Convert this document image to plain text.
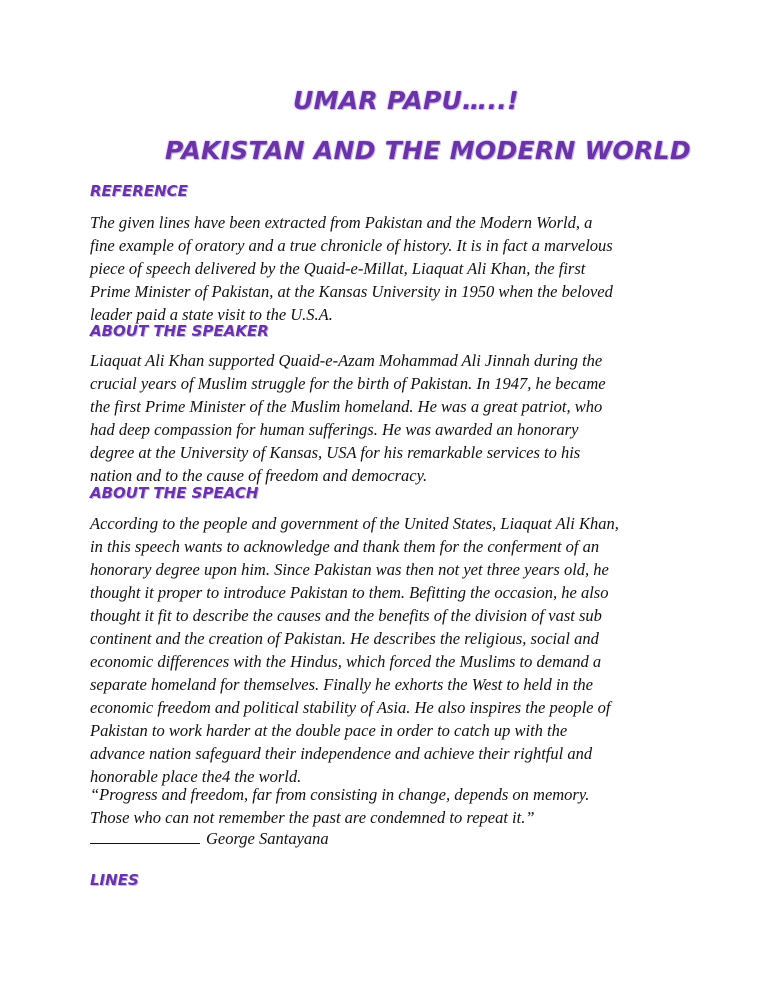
UMAR PAPU…..!
PAKISTAN AND THE MODERN WORLD
REFERENCE
The given lines have been extracted from Pakistan and the Modern World, a
fine example of oratory and a true chronicle of history. It is in fact a marvelous
piece of speech delivered by the Quaid-e-Millat, Liaquat Ali Khan, the first
Prime Minister of Pakistan, at the Kansas University in 1950 when the beloved
leader paid a state visit to the U.S.A.
ABOUT THE SPEAKER
Liaquat Ali Khan supported Quaid-e-Azam Mohammad Ali Jinnah during the
crucial years of Muslim struggle for the birth of Pakistan. In 1947, he became
the first Prime Minister of the Muslim homeland. He was a great patriot, who
had deep compassion for human sufferings. He was awarded an honorary
degree at the University of Kansas, USA for his remarkable services to his
nation and to the cause of freedom and democracy.
ABOUT THE SPEACH
According to the people and government of the United States, Liaquat Ali Khan,
in this speech wants to acknowledge and thank them for the conferment of an
honorary degree upon him. Since Pakistan was then not yet three years old, he
thought it proper to introduce Pakistan to them. Befitting the occasion, he also
thought it fit to describe the causes and the benefits of the division of vast sub
continent and the creation of Pakistan. He describes the religious, social and
economic differences with the Hindus, which forced the Muslims to demand a
separate homeland for themselves. Finally he exhorts the West to held in the
economic freedom and political stability of Asia. He also inspires the people of
Pakistan to work harder at the double pace in order to catch up with the
advance nation safeguard their independence and achieve their rightful and
honorable place the4 the world.
“Progress and freedom, far from consisting in change, depends on memory.
Those who can not remember the past are condemned to repeat it.”
George Santayana
LINES
